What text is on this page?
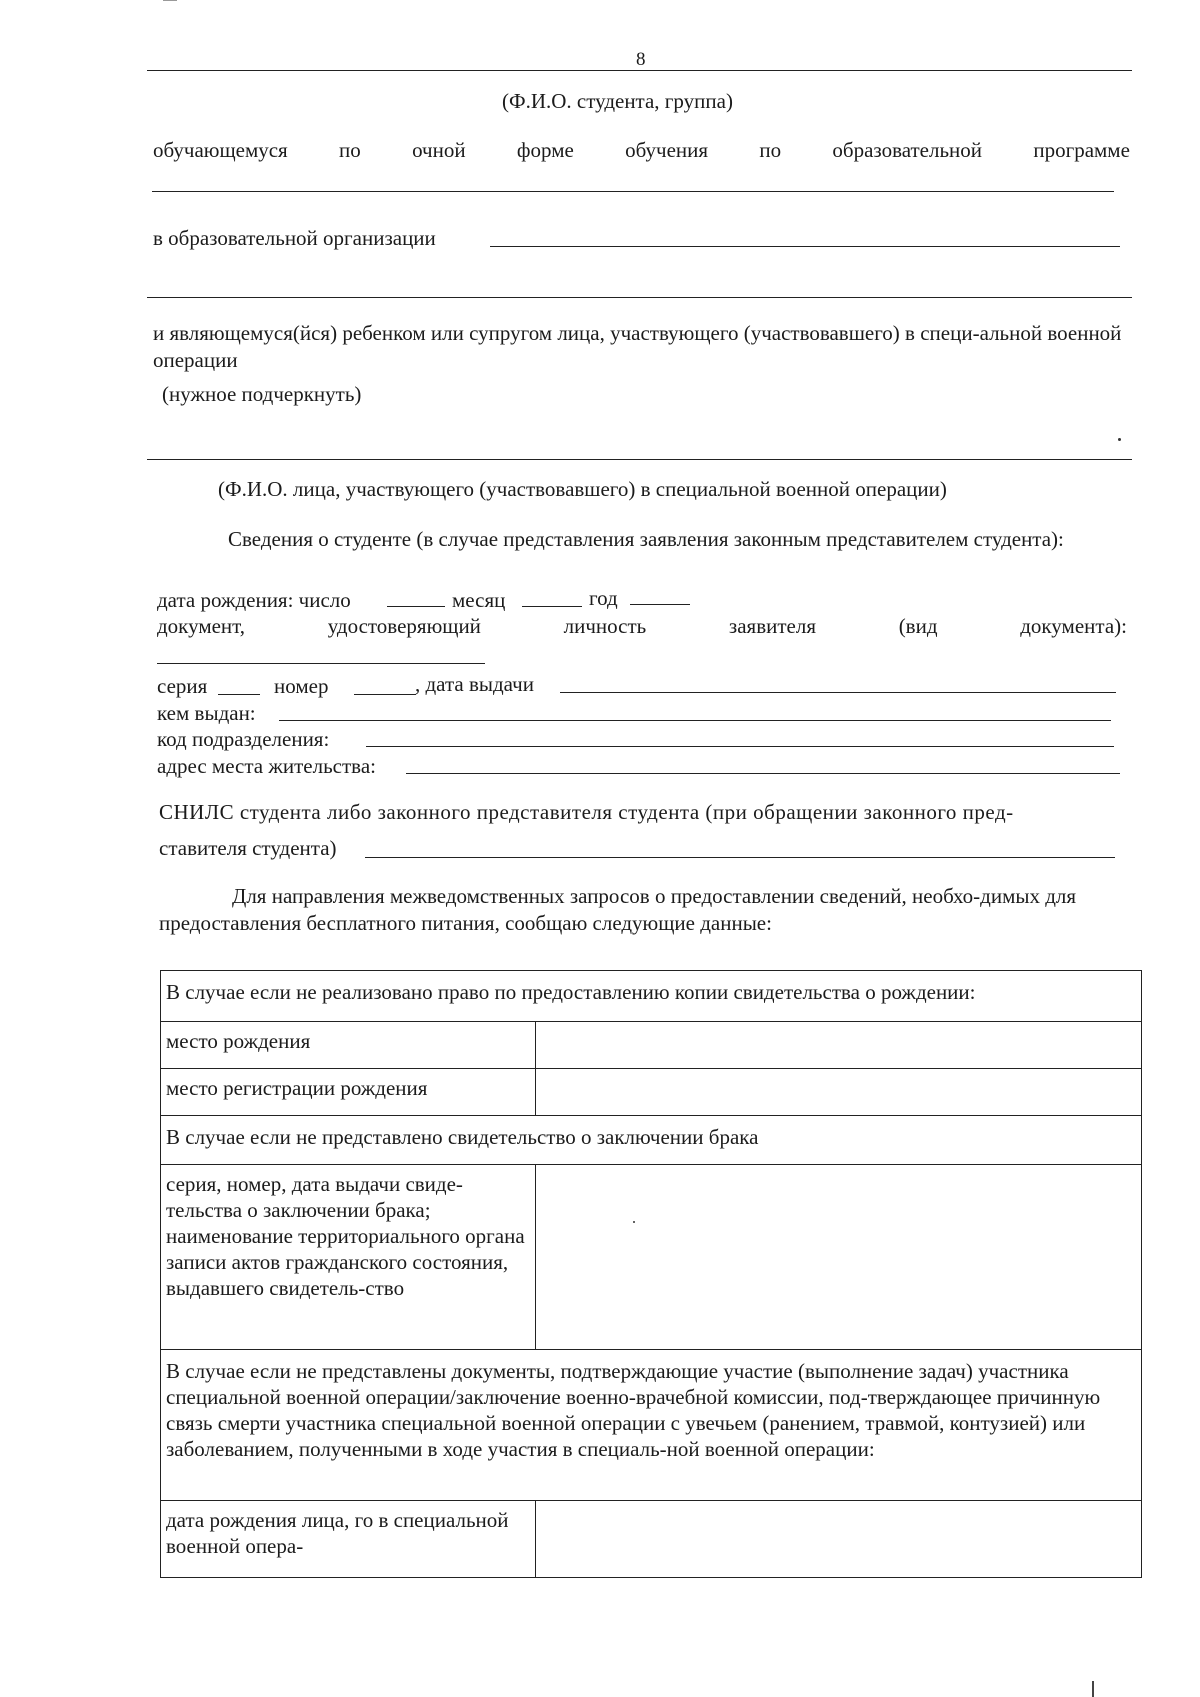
8
(Ф.И.О. студента, группа)
обучающемуся по очной форме обучения по образовательной программе
в образовательной организации
и являющемуся(йся) ребенком или супругом лица, участвующего (участвовавшего) в специ-альной военной операции
(нужное подчеркнуть)
(Ф.И.О. лица, участвующего (участвовавшего) в специальной военной операции)
Сведения о студенте (в случае представления заявления законным представителем студента):
дата рождения: число	месяц	год
документ,	удостоверяющий	личность	заявителя	(вид	документа):
серия	номер	, дата выдачи
кем выдан:
код подразделения:
адрес места жительства:
СНИЛС студента либо законного представителя студента (при обращении законного пред-
ставителя студента)
Для направления межведомственных запросов о предоставлении сведений, необхо-димых для предоставления бесплатного питания, сообщаю следующие данные:
В случае если не реализовано право по предоставлению копии свидетельства о рождении:	
место рождения	
место регистрации рождения	
В случае если не представлено свидетельство о заключении брака	
серия, номер, дата выдачи свиде-тельства о заключении брака; наименование территориального органа записи актов гражданского состояния, выдавшего свидетель-ство	
В случае если не представлены документы, подтверждающие участие (выполнение задач) участника специальной военной операции/заключение военно-врачебной комиссии, под-тверждающее причинную связь смерти участника специальной военной операции с увечьем (ранением, травмой, контузией) или заболеванием, полученными в ходе участия в специаль-ной военной операции:	
дата рождения лица, го в специальной военной опера-	
